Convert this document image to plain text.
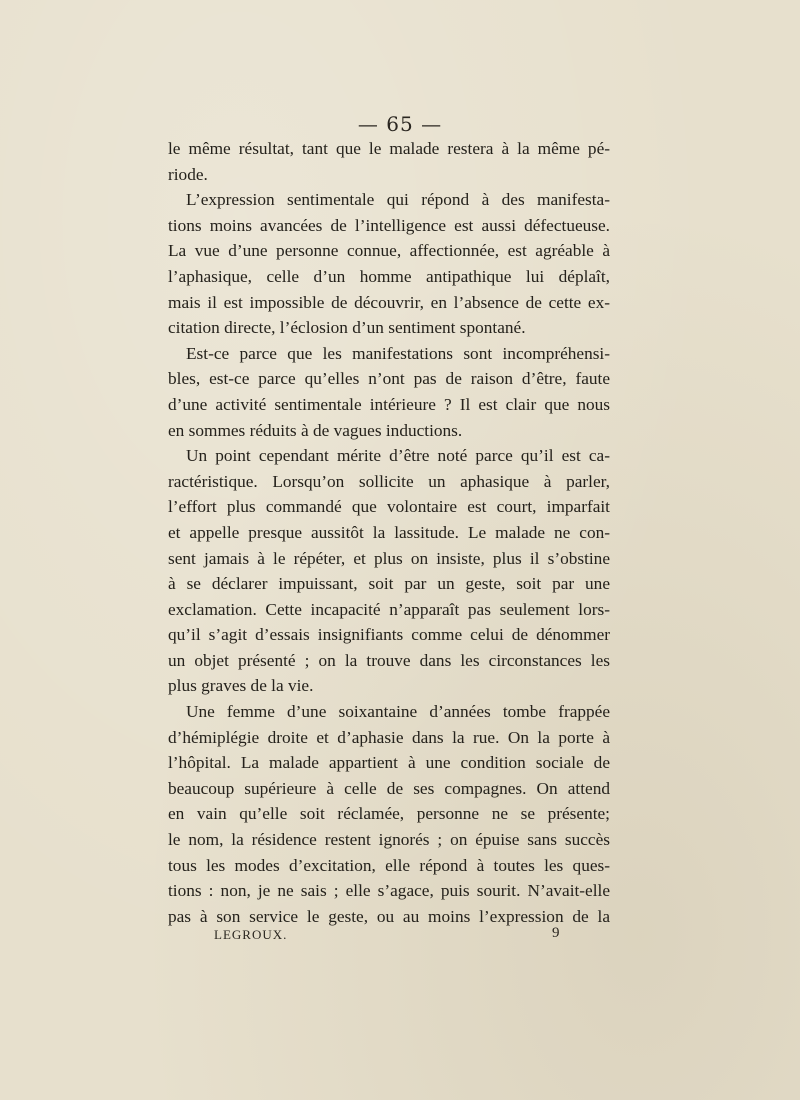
— 65 —
le même résultat, tant que le malade restera à la même pé-
riode.
L’expression sentimentale qui répond à des manifesta-
tions moins avancées de l’intelligence est aussi défectueuse.
La vue d’une personne connue, affectionnée, est agréable à
l’aphasique, celle d’un homme antipathique lui déplaît,
mais il est impossible de découvrir, en l’absence de cette ex-
citation directe, l’éclosion d’un sentiment spontané.
Est-ce parce que les manifestations sont incompréhensi-
bles, est-ce parce qu’elles n’ont pas de raison d’être, faute
d’une activité sentimentale intérieure ? Il est clair que nous
en sommes réduits à de vagues inductions.
Un point cependant mérite d’être noté parce qu’il est ca-
ractéristique. Lorsqu’on sollicite un aphasique à parler,
l’effort plus commandé que volontaire est court, imparfait
et appelle presque aussitôt la lassitude. Le malade ne con-
sent jamais à le répéter, et plus on insiste, plus il s’obstine
à se déclarer impuissant, soit par un geste, soit par une
exclamation. Cette incapacité n’apparaît pas seulement lors-
qu’il s’agit d’essais insignifiants comme celui de dénommer
un objet présenté ; on la trouve dans les circonstances les
plus graves de la vie.
Une femme d’une soixantaine d’années tombe frappée
d’hémiplégie droite et d’aphasie dans la rue. On la porte à
l’hôpital. La malade appartient à une condition sociale de
beaucoup supérieure à celle de ses compagnes. On attend
en vain qu’elle soit réclamée, personne ne se présente;
le nom, la résidence restent ignorés ; on épuise sans succès
tous les modes d’excitation, elle répond à toutes les ques-
tions : non, je ne sais ; elle s’agace, puis sourit. N’avait-elle
pas à son service le geste, ou au moins l’expression de la
LEGROUX.	9
